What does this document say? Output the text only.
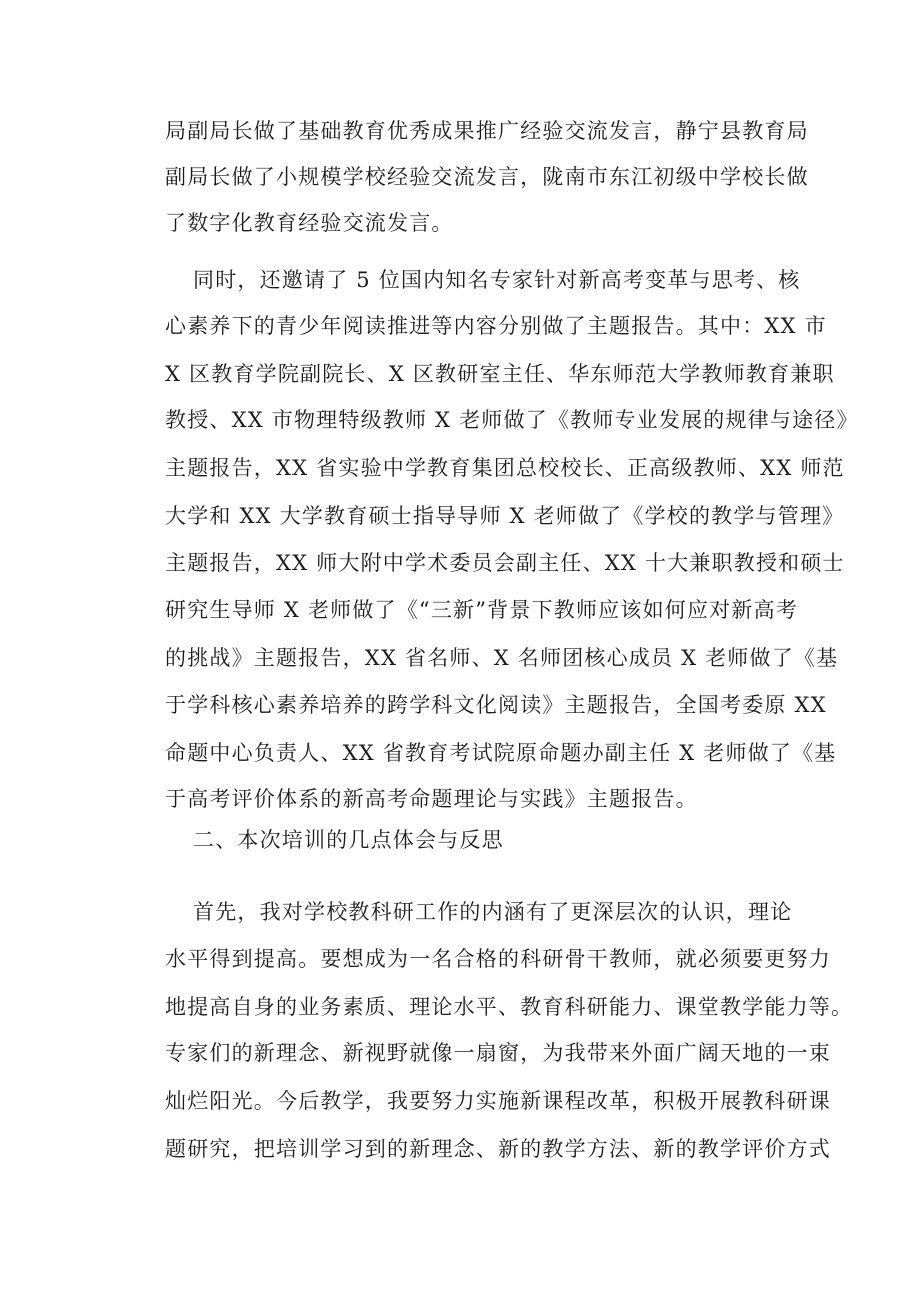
局副局长做了基础教育优秀成果推广经验交流发言，静宁县教育局
副局长做了小规模学校经验交流发言，陇南市东江初级中学校长做
了数字化教育经验交流发言。
同时，还邀请了 5 位国内知名专家针对新高考变革与思考、核
心素养下的青少年阅读推进等内容分别做了主题报告。其中：XX 市
X 区教育学院副院长、X 区教研室主任、华东师范大学教师教育兼职
教授、XX 市物理特级教师 X 老师做了《教师专业发展的规律与途径》
主题报告，XX 省实验中学教育集团总校校长、正高级教师、XX 师范
大学和 XX 大学教育硕士指导导师 X 老师做了《学校的教学与管理》
主题报告，XX 师大附中学术委员会副主任、XX 十大兼职教授和硕士
研究生导师 X 老师做了《“三新”背景下教师应该如何应对新高考
的挑战》主题报告，XX 省名师、X 名师团核心成员 X 老师做了《基
于学科核心素养培养的跨学科文化阅读》主题报告，全国考委原 XX
命题中心负责人、XX 省教育考试院原命题办副主任 X 老师做了《基
于高考评价体系的新高考命题理论与实践》主题报告。
二、本次培训的几点体会与反思
首先，我对学校教科研工作的内涵有了更深层次的认识，理论
水平得到提高。要想成为一名合格的科研骨干教师，就必须要更努力
地提高自身的业务素质、理论水平、教育科研能力、课堂教学能力等。
专家们的新理念、新视野就像一扇窗，为我带来外面广阔天地的一束
灿烂阳光。今后教学，我要努力实施新课程改革，积极开展教科研课
题研究，把培训学习到的新理念、新的教学方法、新的教学评价方式
